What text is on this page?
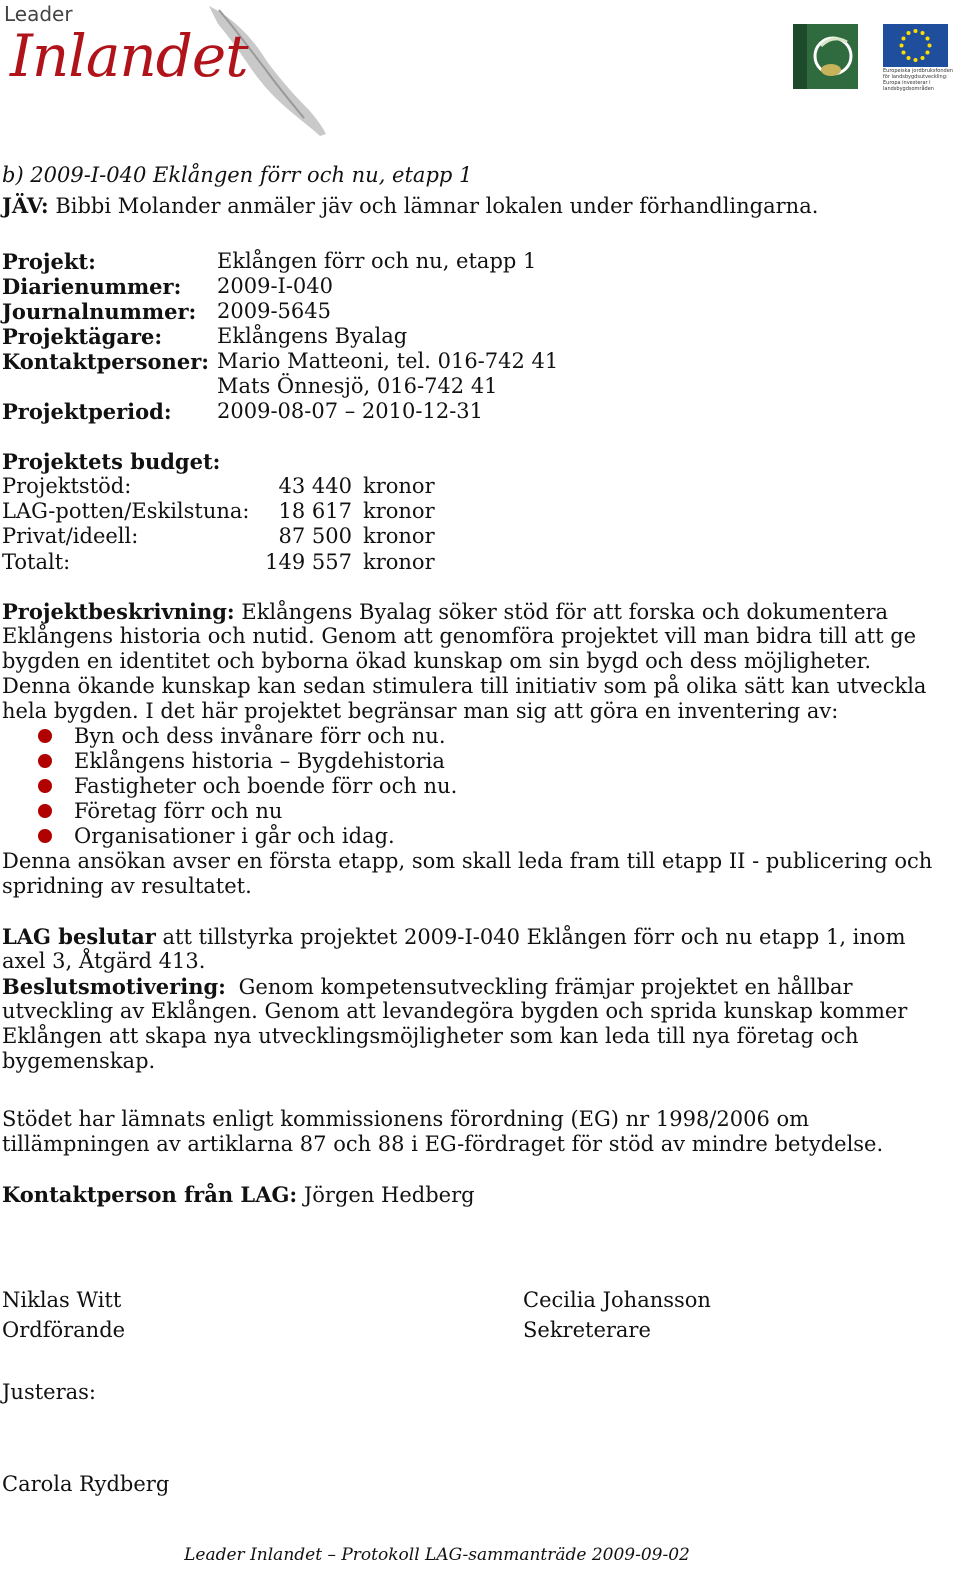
Leader
Inlandet	Europeiska jordbruksfonden för landsbygdsutveckling: Europa investerar i landsbygdsområden
b) 2009-I-040 Eklången förr och nu, etapp 1
JÄV: Bibbi Molander anmäler jäv och lämnar lokalen under förhandlingarna.
Projekt:	Eklången förr och nu, etapp 1
Diarienummer: 2009-I-040
Journalnummer: 2009-5645
Projektägare:	Eklångens Byalag
Kontaktpersoner: Mario Matteoni, tel. 016-742 41
Mats Önnesjö, 016-742 41
Projektperiod: 2009-08-07 – 2010-12-31
Projektets budget:
Projektstöd:	43 440 kronor
LAG-potten/Eskilstuna:	18 617 kronor
Privat/ideell:	87 500 kronor
Totalt:	149 557 kronor
Projektbeskrivning: Eklångens Byalag söker stöd för att forska och dokumentera
Eklångens historia och nutid. Genom att genomföra projektet vill man bidra till att ge
bygden en identitet och byborna ökad kunskap om sin bygd och dess möjligheter.
Denna ökande kunskap kan sedan stimulera till initiativ som på olika sätt kan utveckla
hela bygden. I det här projektet begränsar man sig att göra en inventering av:
Byn och dess invånare förr och nu.
Eklångens historia – Bygdehistoria
Fastigheter och boende förr och nu.
Företag förr och nu
Organisationer i går och idag.
Denna ansökan avser en första etapp, som skall leda fram till etapp II - publicering och
spridning av resultatet.
LAG beslutar att tillstyrka projektet 2009-I-040 Eklången förr och nu etapp 1, inom
axel 3, Åtgärd 413.
Beslutsmotivering: Genom kompetensutveckling främjar projektet en hållbar
utveckling av Eklången. Genom att levandegöra bygden och sprida kunskap kommer
Eklången att skapa nya utvecklingsmöjligheter som kan leda till nya företag och
bygemenskap.
Stödet har lämnats enligt kommissionens förordning (EG) nr 1998/2006 om
tillämpningen av artiklarna 87 och 88 i EG-fördraget för stöd av mindre betydelse.
Kontaktperson från LAG: Jörgen Hedberg
Niklas Witt
Ordförande
Cecilia Johansson
Sekreterare
Justeras:
Carola Rydberg
Leader Inlandet – Protokoll LAG-sammanträde 2009-09-02
